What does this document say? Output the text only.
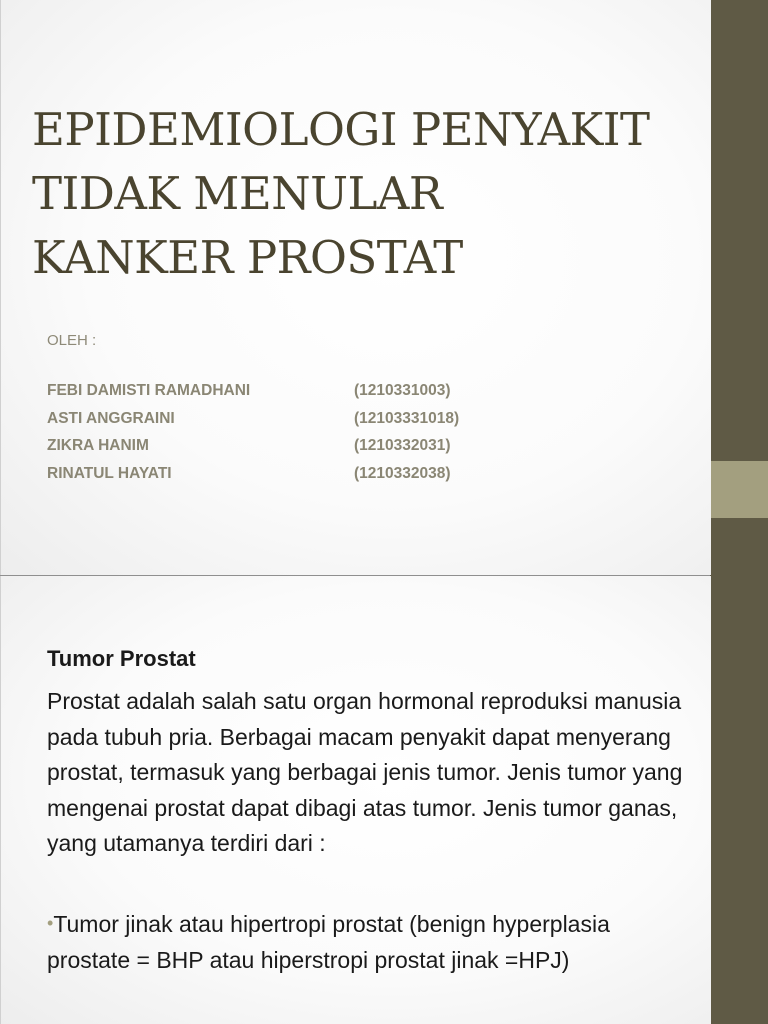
EPIDEMIOLOGI PENYAKIT
TIDAK MENULAR
KANKER PROSTAT

OLEH :

FEBI DAMISTI RAMADHANI	(1210331003)
ASTI ANGGRAINI	(12103331018)
ZIKRA HANIM	(1210332031)
RINATUL HAYATI	(1210332038)
Tumor Prostat

Prostat adalah salah satu organ hormonal reproduksi manusia pada tubuh pria. Berbagai macam penyakit dapat menyerang prostat, termasuk yang berbagai jenis tumor. Jenis tumor yang mengenai prostat dapat dibagi atas tumor. Jenis tumor ganas, yang utamanya terdiri dari :

•Tumor jinak atau hipertropi prostat (benign hyperplasia prostate = BHP atau hiperstropi prostat jinak =HPJ)
